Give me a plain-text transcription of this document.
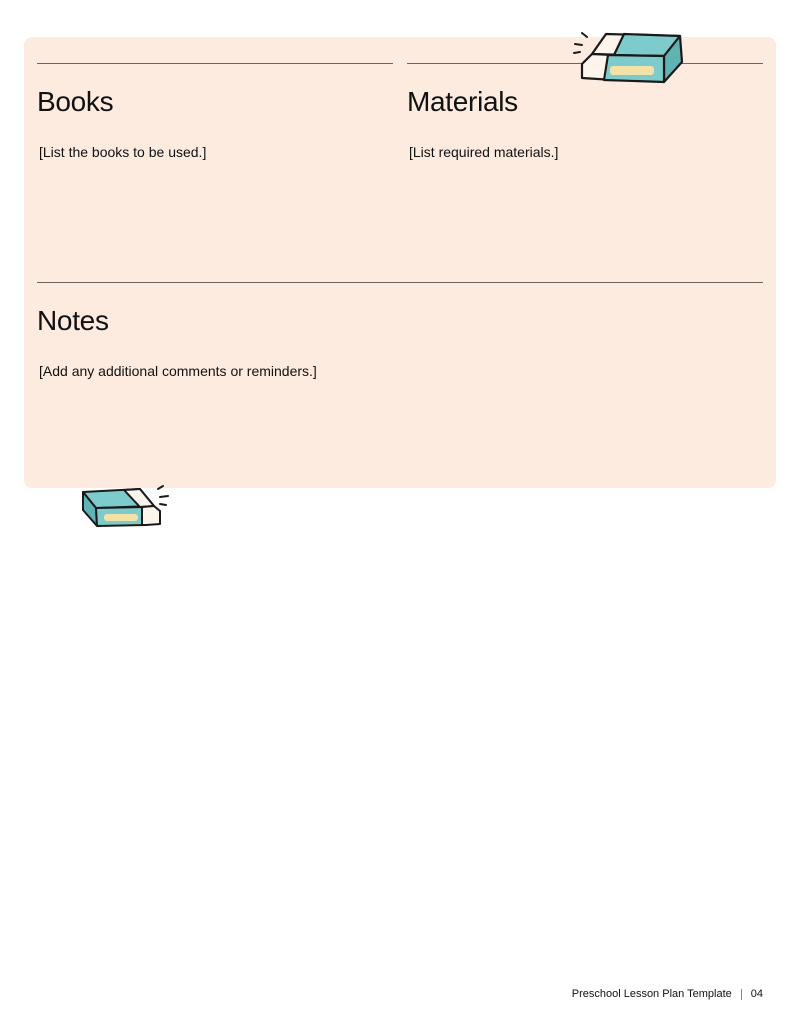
Books

[List the books to be used.]

Materials

[List required materials.]

Notes

[Add any additional comments or reminders.]

Preschool Lesson Plan Template 04
